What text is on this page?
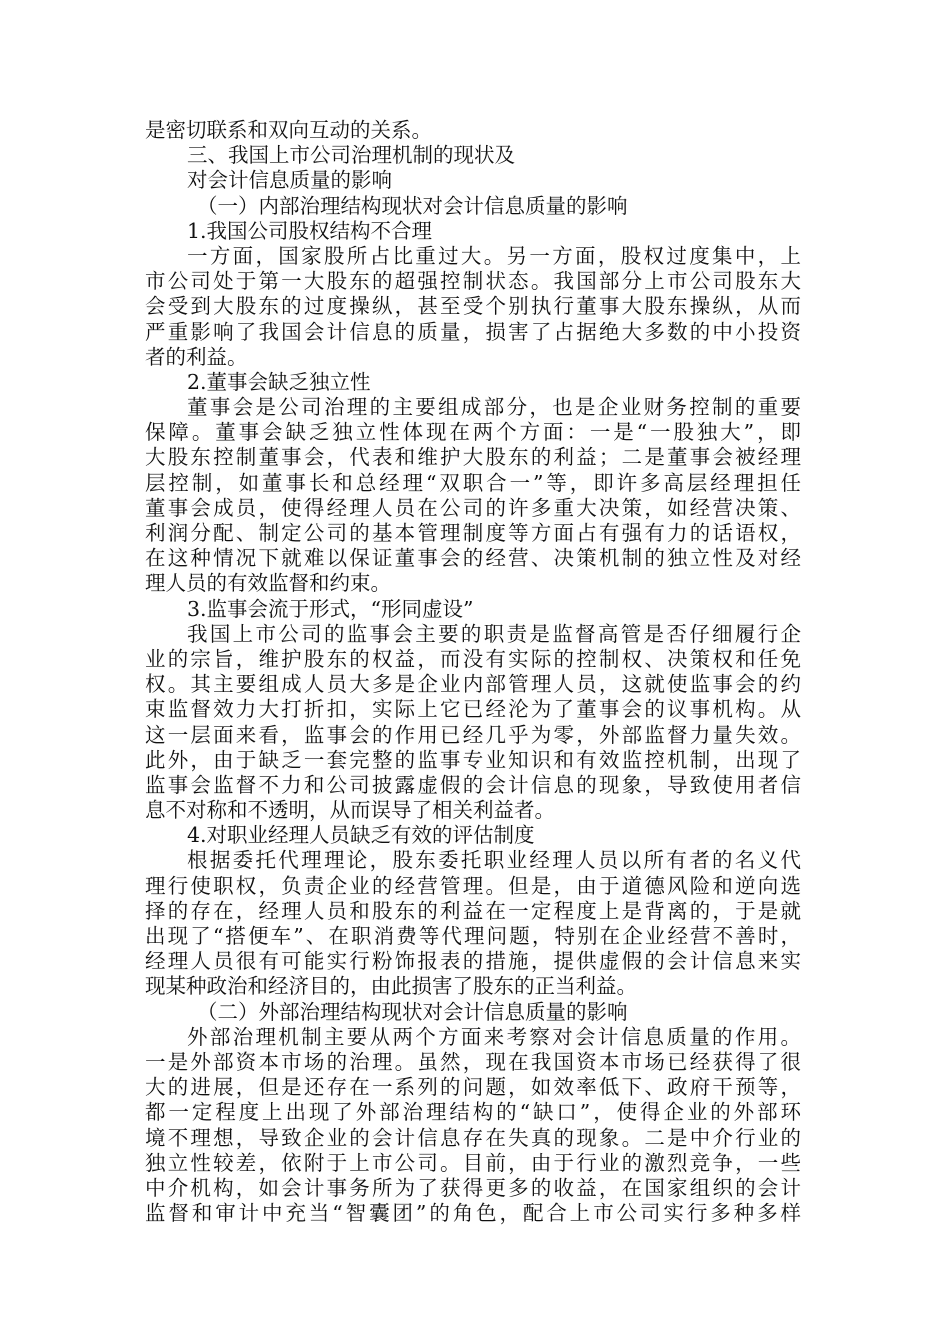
是密切联系和双向互动的关系。
三、我国上市公司治理机制的现状及
对会计信息质量的影响
（一）内部治理结构现状对会计信息质量的影响
1.我国公司股权结构不合理
一方面，国家股所占比重过大。另一方面，股权过度集中，上
市公司处于第一大股东的超强控制状态。我国部分上市公司股东大
会受到大股东的过度操纵，甚至受个别执行董事大股东操纵，从而
严重影响了我国会计信息的质量，损害了占据绝大多数的中小投资
者的利益。
2.董事会缺乏独立性
董事会是公司治理的主要组成部分，也是企业财务控制的重要
保障。董事会缺乏独立性体现在两个方面：一是“一股独大”，即
大股东控制董事会，代表和维护大股东的利益；二是董事会被经理
层控制，如董事长和总经理“双职合一”等，即许多高层经理担任
董事会成员，使得经理人员在公司的许多重大决策，如经营决策、
利润分配、制定公司的基本管理制度等方面占有强有力的话语权，
在这种情况下就难以保证董事会的经营、决策机制的独立性及对经
理人员的有效监督和约束。
3.监事会流于形式，“形同虚设”
我国上市公司的监事会主要的职责是监督高管是否仔细履行企
业的宗旨，维护股东的权益，而没有实际的控制权、决策权和任免
权。其主要组成人员大多是企业内部管理人员，这就使监事会的约
束监督效力大打折扣，实际上它已经沦为了董事会的议事机构。从
这一层面来看，监事会的作用已经几乎为零，外部监督力量失效。
此外，由于缺乏一套完整的监事专业知识和有效监控机制，出现了
监事会监督不力和公司披露虚假的会计信息的现象，导致使用者信
息不对称和不透明，从而误导了相关利益者。
4.对职业经理人员缺乏有效的评估制度
根据委托代理理论，股东委托职业经理人员以所有者的名义代
理行使职权，负责企业的经营管理。但是，由于道德风险和逆向选
择的存在，经理人员和股东的利益在一定程度上是背离的，于是就
出现了“搭便车”、在职消费等代理问题，特别在企业经营不善时，
经理人员很有可能实行粉饰报表的措施，提供虚假的会计信息来实
现某种政治和经济目的，由此损害了股东的正当利益。
（二）外部治理结构现状对会计信息质量的影响
外部治理机制主要从两个方面来考察对会计信息质量的作用。
一是外部资本市场的治理。虽然，现在我国资本市场已经获得了很
大的进展，但是还存在一系列的问题，如效率低下、政府干预等，
都一定程度上出现了外部治理结构的“缺口”，使得企业的外部环
境不理想，导致企业的会计信息存在失真的现象。二是中介行业的
独立性较差，依附于上市公司。目前，由于行业的激烈竞争，一些
中介机构，如会计事务所为了获得更多的收益，在国家组织的会计
监督和审计中充当“智囊团”的角色，配合上市公司实行多种多样
